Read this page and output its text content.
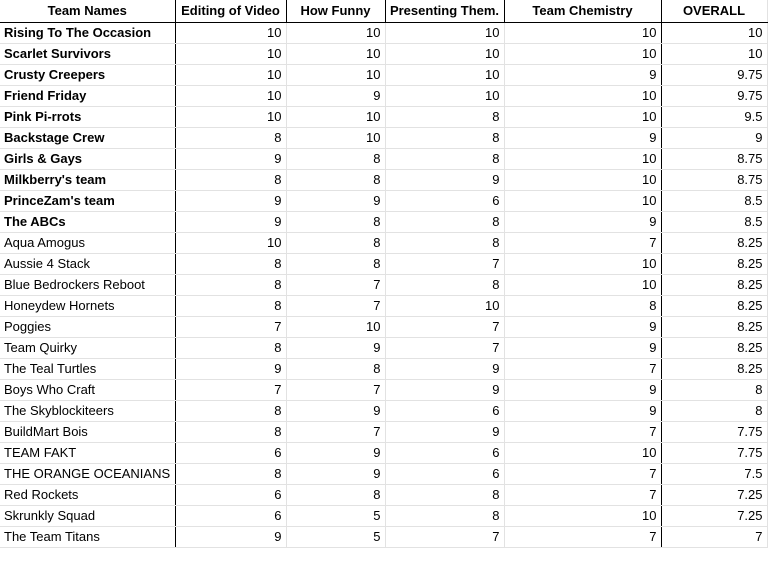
Team Names	Editing of Video	How Funny	Presenting Them.	Team Chemistry	OVERALL
Rising To The Occasion	10	10	10	10	10
Scarlet Survivors	10	10	10	10	10
Crusty Creepers	10	10	10	9	9.75
Friend Friday	10	9	10	10	9.75
Pink Pi-rrots	10	10	8	10	9.5
Backstage Crew	8	10	8	9	9
Girls & Gays	9	8	8	10	8.75
Milkberry's team	8	8	9	10	8.75
PrinceZam's team	9	9	6	10	8.5
The ABCs	9	8	8	9	8.5
Aqua Amogus	10	8	8	7	8.25
Aussie 4 Stack	8	8	7	10	8.25
Blue Bedrockers Reboot	8	7	8	10	8.25
Honeydew Hornets	8	7	10	8	8.25
Poggies	7	10	7	9	8.25
Team Quirky	8	9	7	9	8.25
The Teal Turtles	9	8	9	7	8.25
Boys Who Craft	7	7	9	9	8
The Skyblockiteers	8	9	6	9	8
BuildMart Bois	8	7	9	7	7.75
TEAM FAKT	6	9	6	10	7.75
THE ORANGE OCEANIANS	8	9	6	7	7.5
Red Rockets	6	8	8	7	7.25
Skrunkly Squad	6	5	8	10	7.25
The Team Titans	9	5	7	7	7
